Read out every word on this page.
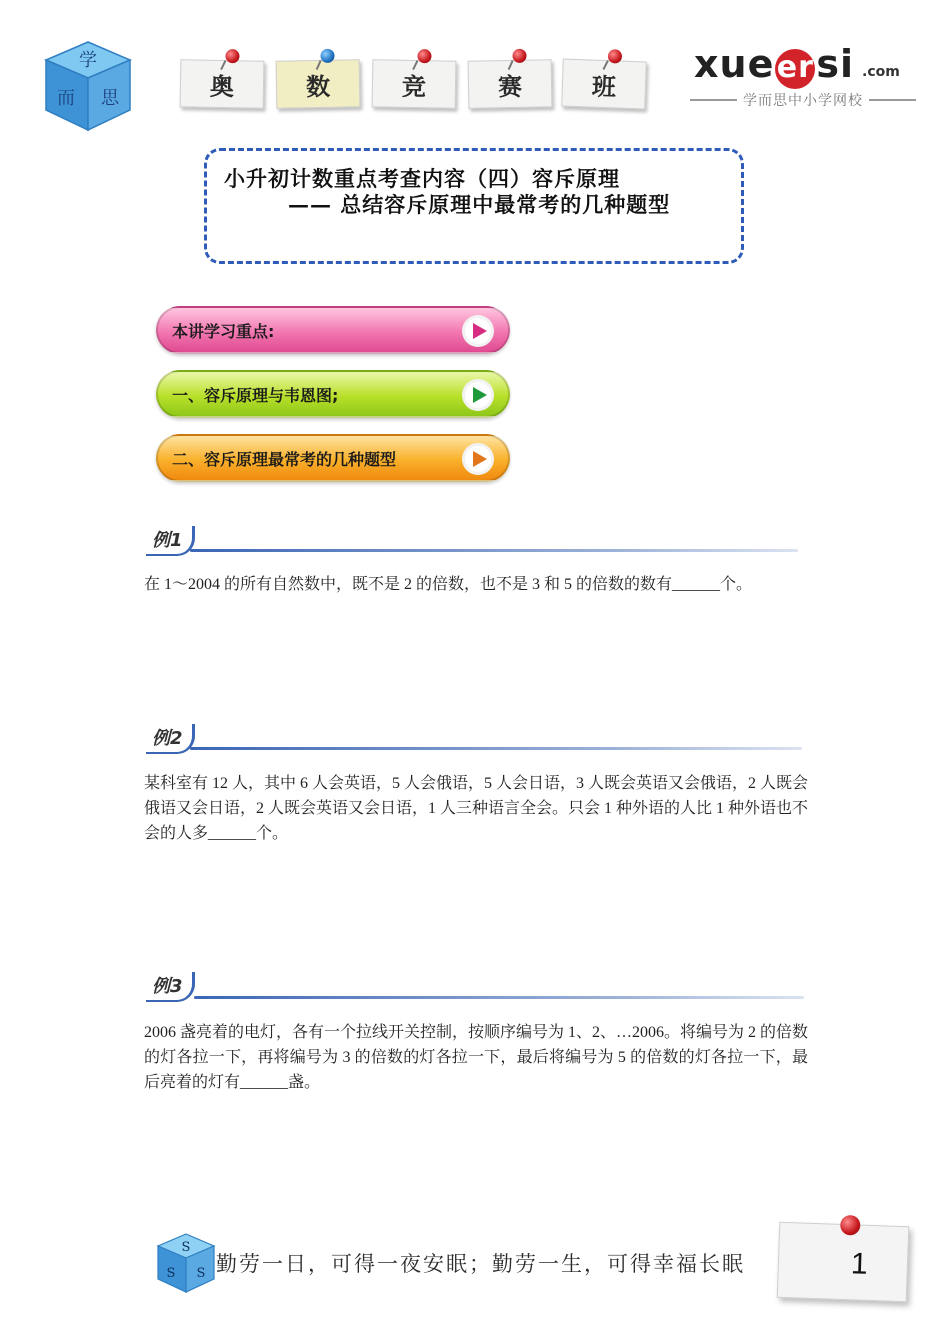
学
而 思	奥	数	竞	赛	班
xueersi .com
学而思中小学网校
小升初计数重点考查内容（四）容斥原理
—— 总结容斥原理中最常考的几种题型
本讲学习重点:
一、容斥原理与韦恩图;
二、容斥原理最常考的几种题型
例1
在 1～2004 的所有自然数中，既不是 2 的倍数，也不是 3 和 5 的倍数的数有______个。
例2
某科室有 12 人，其中 6 人会英语，5 人会俄语，5 人会日语，3 人既会英语又会俄语，2 人既会俄语又会日语，2 人既会英语又会日语，1 人三种语言全会。只会 1 种外语的人比 1 种外语也不会的人多______个。
例3
2006 盏亮着的电灯，各有一个拉线开关控制，按顺序编号为 1、2、…2006。将编号为 2 的倍数的灯各拉一下，再将编号为 3 的倍数的灯各拉一下，最后将编号为 5 的倍数的灯各拉一下，最后亮着的灯有______盏。
S
S S 勤劳一日，可得一夜安眠；勤劳一生，可得幸福长眠	1
